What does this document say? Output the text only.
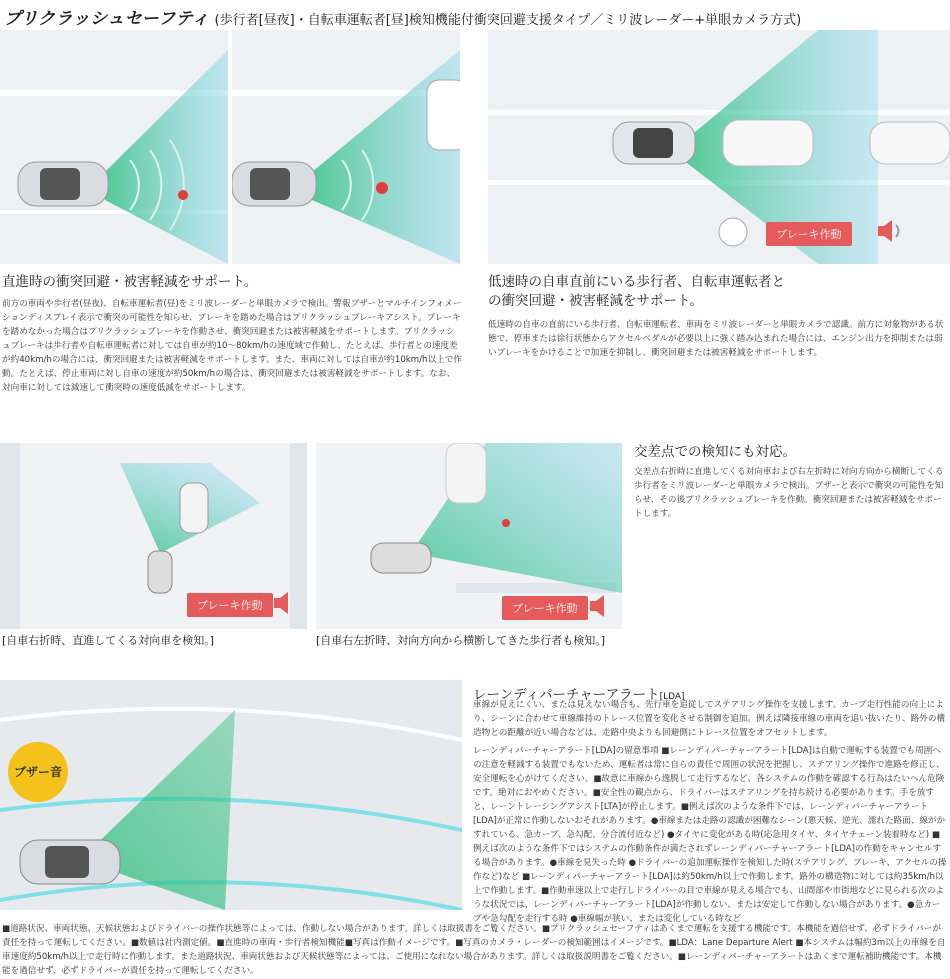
プリクラッシュセーフティ (歩行者[昼夜]・自転車運転者[昼]検知機能付衝突回避支援タイプ／ミリ波レーダー+単眼カメラ方式)
ブレーキ作動
直進時の衝突回避・被害軽減をサポート。
前方の車両や歩行者(昼夜)、自転車運転者(昼)をミリ波レーダーと単眼カメラで検出。警報ブザーとマルチインフォメーションディスプレイ表示で衝突の可能性を知らせ、ブレーキを踏めた場合はプリクラッシュブレーキアシスト。ブレーキを踏めなかった場合はプリクラッシュブレーキを作動させ、衝突回避または被害軽減をサポートします。プリクラッシュブレーキは歩行者や自転車運転者に対しては自車が約10〜80km/hの速度域で作動し、たとえば、歩行者との速度差が約40km/hの場合には、衝突回避または被害軽減をサポートします。また、車両に対しては自車が約10km/h以上で作動。たとえば、停止車両に対し自車の速度が約50km/hの場合は、衝突回避または被害軽減をサポートします。なお、対向車に対しては減速して衝突時の速度低減をサポートします。
低速時の自車直前にいる歩行者、自転車運転者との衝突回避・被害軽減をサポート。
低速時の自車の直前にいる歩行者、自転車運転者、車両をミリ波レーダーと単眼カメラで認識。前方に対象物がある状態で、停車または徐行状態からアクセルペダルが必要以上に強く踏み込まれた場合には、エンジン出力を抑制または弱いブレーキをかけることで加速を抑制し、衝突回避または被害軽減をサポートします。
ブレーキ作動	ブレーキ作動
[自車右折時、直進してくる対向車を検知。]	[自車右左折時、対向方向から横断してきた歩行者も検知。]
交差点での検知にも対応。
交差点右折時に直進してくる対向車および右左折時に対向方向から横断してくる歩行者をミリ波レーダーと単眼カメラで検出。ブザーと表示で衝突の可能性を知らせ、その後プリクラッシュブレーキを作動。衝突回避または被害軽減をサポートします。
ブザー音
レーンディパーチャーアラート[LDA]
車線が見えにくい、または見えない場合も、先行車を追従してステアリング操作を支援します。カーブ走行性能の向上により、シーンに合わせて車線維持のトレース位置を変化させる制御を追加。例えば隣接車線の車両を追い抜いたり、路外の構造物との距離が近い場合などは、走路中央よりも回避側にトレース位置をオフセットします。
レーンディパーチャーアラート[LDA]の留意事項 ■レーンディパーチャーアラート[LDA]は自動で運転する装置でも周囲への注意を軽減する装置でもないため、運転者は常に自らの責任で周囲の状況を把握し、ステアリング操作で進路を修正し、安全運転を心がけてください。■故意に車線から逸脱して走行するなど、各システムの作動を確認する行為はたいへん危険です。絶対におやめください。■安全性の観点から、ドライバーはステアリングを持ち続ける必要があります。手を放すと、レーントレーシングアシスト[LTA]が停止します。■例えば次のような条件下では、レーンディパーチャーアラート[LDA]が正常に作動しないおそれがあります。●車線または走路の認識が困難なシーン(悪天候、逆光、濡れた路面、線がかすれている、急カーブ、急勾配、分合流付近など) ●タイヤに変化がある時(応急用タイヤ、タイヤチェーン装着時など) ■例えば次のような条件下ではシステムの作動条件が満たされずレーンディパーチャーアラート[LDA]の作動をキャンセルする場合があります。●車線を見失った時 ●ドライバーの追加運転操作を検知した時(ステアリング、ブレーキ、アクセルの操作など)など ■レーンディパーチャーアラート[LDA]は約50km/h以上で作動します。路外の構造物に対しては約35km/h以上で作動します。■作動車速以上で走行しドライバーの目で車線が見える場合でも、山間部や市街地などに見られる次のような状況では、レーンディパーチャーアラート[LDA]が作動しない、または安定して作動しない場合があります。●急カーブや急勾配を走行する時 ●車線幅が狭い、または変化している時など
■道路状況、車両状態、天候状態およびドライバーの操作状態等によっては、作動しない場合があります。詳しくは取扱書をご覧ください。■プリクラッシュセーフティはあくまで運転を支援する機能です。本機能を過信せず、必ずドライバーが責任を持って運転してください。■数値は社内測定値。■直進時の車両・歩行者検知機能■写真は作動イメージです。■写真のカメラ・レーダーの検知範囲はイメージです。■LDA：Lane Departure Alert ■本システムは幅約3m以上の車線を自車速度約50km/h以上で走行時に作動します。また道路状況、車両状態および天候状態等によっては、ご使用になれない場合があります。詳しくは取扱説明書をご覧ください。■レーンディパーチャーアラートはあくまで運転補助機能です。本機能を過信せず、必ずドライバーが責任を持って運転してください。
